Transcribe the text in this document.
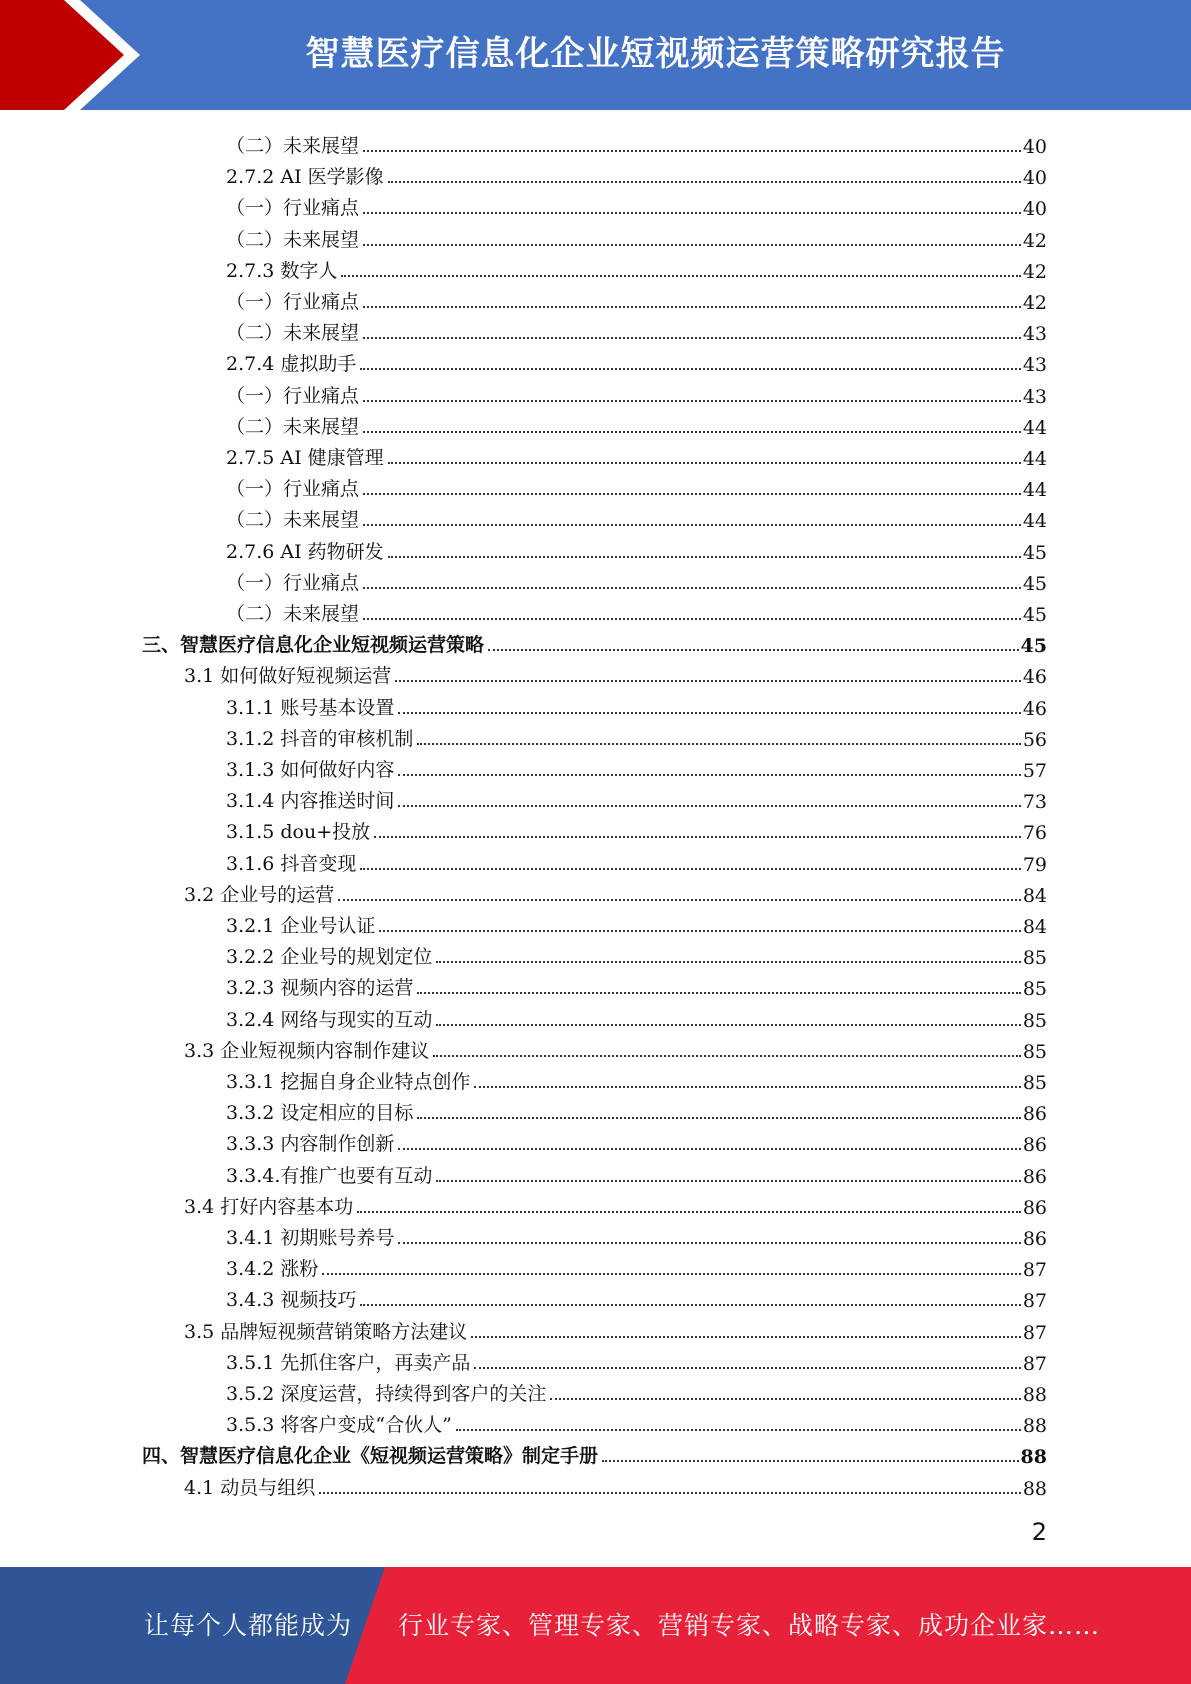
智慧医疗信息化企业短视频运营策略研究报告
（二）未来展望	40
2.7.2 AI 医学影像	40
（一）行业痛点	40
（二）未来展望	42
2.7.3 数字人	42
（一）行业痛点	42
（二）未来展望	43
2.7.4 虚拟助手	43
（一）行业痛点	43
（二）未来展望	44
2.7.5 AI 健康管理	44
（一）行业痛点	44
（二）未来展望	44
2.7.6 AI 药物研发	45
（一）行业痛点	45
（二）未来展望	45
三、智慧医疗信息化企业短视频运营策略	45
3.1 如何做好短视频运营	46
3.1.1 账号基本设置	46
3.1.2 抖音的审核机制	56
3.1.3 如何做好内容	57
3.1.4 内容推送时间	73
3.1.5 dou+投放	76
3.1.6 抖音变现	79
3.2 企业号的运营	84
3.2.1 企业号认证	84
3.2.2 企业号的规划定位	85
3.2.3 视频内容的运营	85
3.2.4 网络与现实的互动	85
3.3 企业短视频内容制作建议	85
3.3.1 挖掘自身企业特点创作	85
3.3.2 设定相应的目标	86
3.3.3 内容制作创新	86
3.3.4.有推广也要有互动	86
3.4 打好内容基本功	86
3.4.1 初期账号养号	86
3.4.2 涨粉	87
3.4.3 视频技巧	87
3.5 品牌短视频营销策略方法建议	87
3.5.1 先抓住客户，再卖产品	87
3.5.2 深度运营，持续得到客户的关注	88
3.5.3 将客户变成“合伙人”	88
四、智慧医疗信息化企业《短视频运营策略》制定手册	88
4.1 动员与组织	88
2
让每个人都能成为 行业专家、管理专家、营销专家、战略专家、成功企业家……
